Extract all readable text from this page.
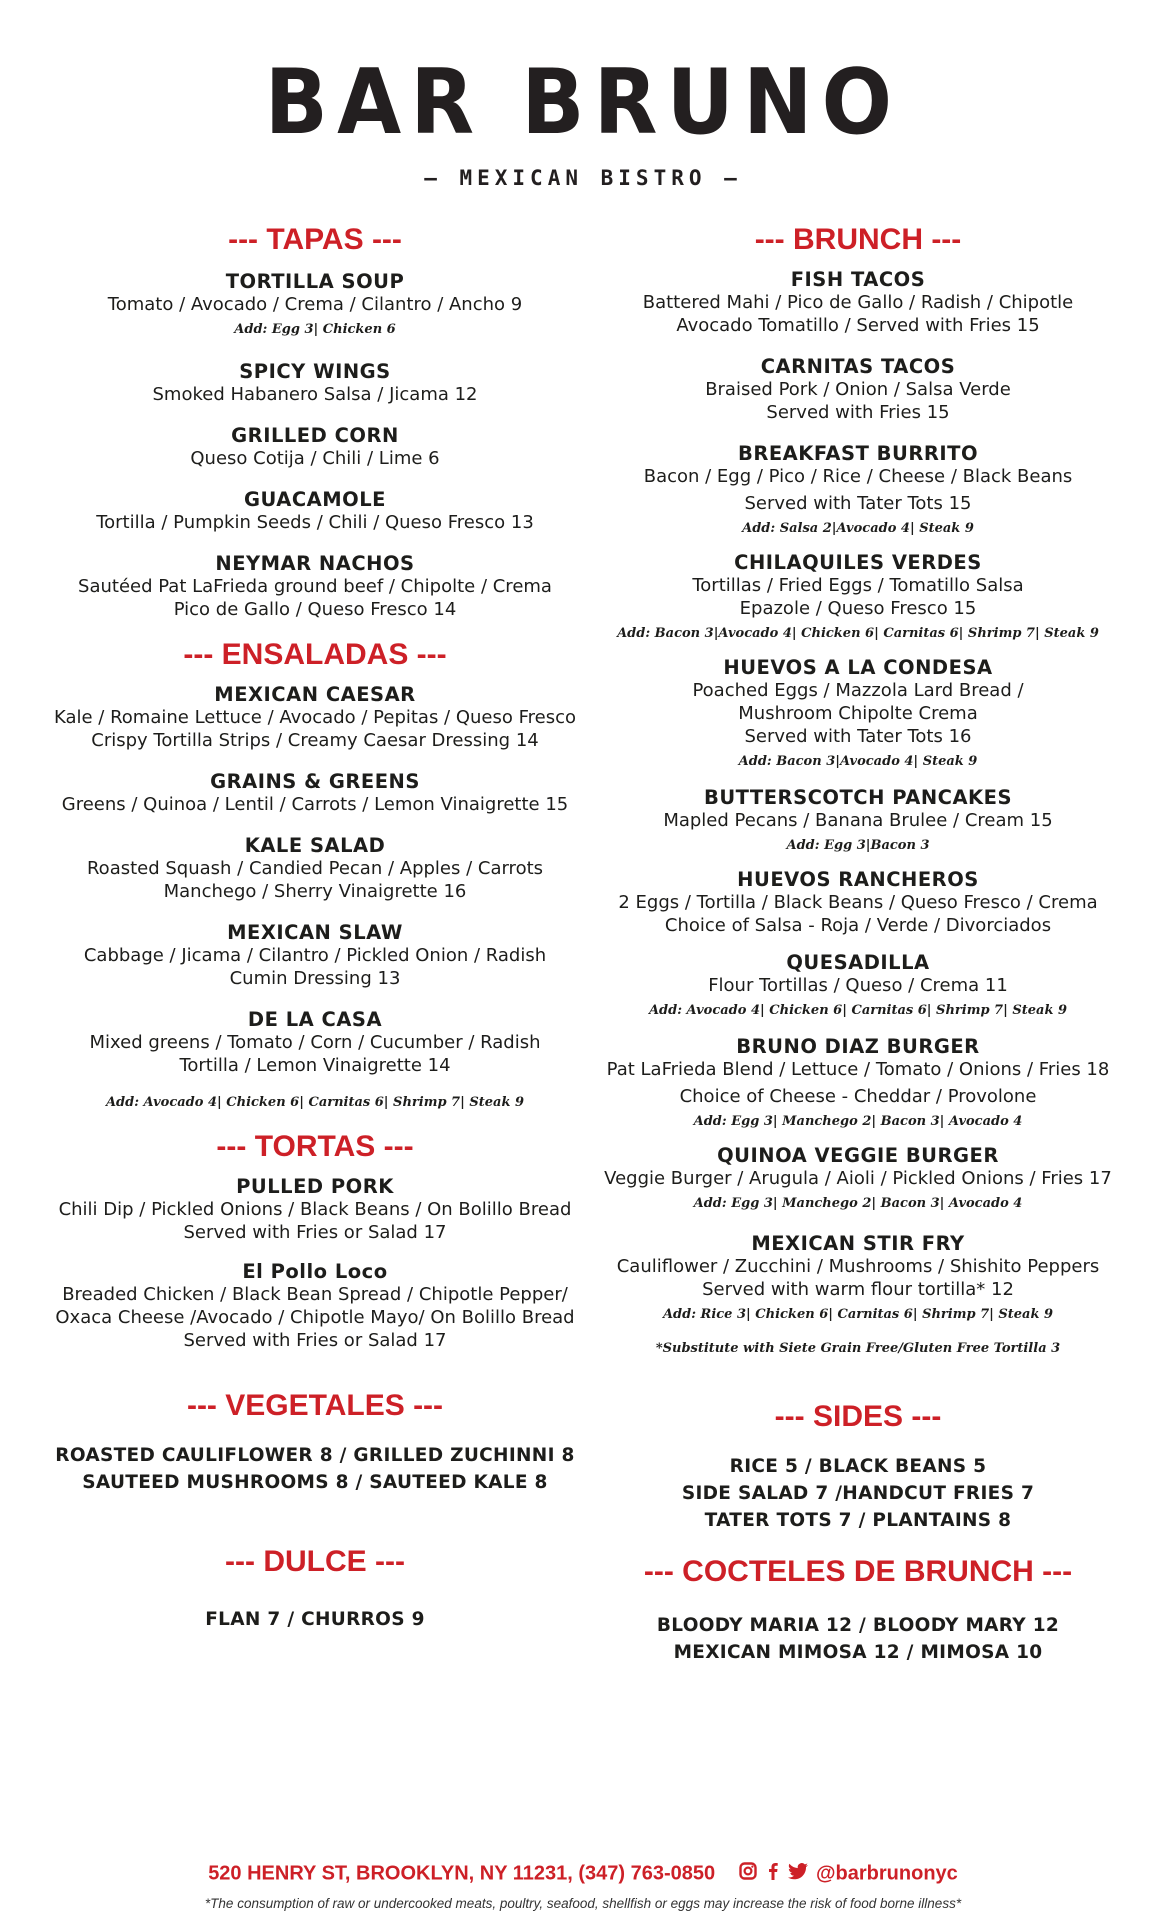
BAR BRUNO
— MEXICAN BISTRO —
--- TAPAS ---
TORTILLA SOUP
Tomato / Avocado / Crema / Cilantro / Ancho 9
Add: Egg 3| Chicken 6
SPICY WINGS
Smoked Habanero Salsa / Jicama 12
GRILLED CORN
Queso Cotija / Chili / Lime 6
GUACAMOLE
Tortilla / Pumpkin Seeds / Chili / Queso Fresco 13
NEYMAR NACHOS
Sautéed Pat LaFrieda ground beef / Chipolte / Crema
Pico de Gallo / Queso Fresco 14
--- ENSALADAS ---
MEXICAN CAESAR
Kale / Romaine Lettuce / Avocado / Pepitas / Queso Fresco
Crispy Tortilla Strips / Creamy Caesar Dressing 14
GRAINS & GREENS
Greens / Quinoa / Lentil / Carrots / Lemon Vinaigrette 15
KALE SALAD
Roasted Squash / Candied Pecan / Apples / Carrots
Manchego / Sherry Vinaigrette 16
MEXICAN SLAW
Cabbage / Jicama / Cilantro / Pickled Onion / Radish
Cumin Dressing 13
DE LA CASA
Mixed greens / Tomato / Corn / Cucumber / Radish
Tortilla / Lemon Vinaigrette 14
Add: Avocado 4| Chicken 6| Carnitas 6| Shrimp 7| Steak 9
--- TORTAS ---
PULLED PORK
Chili Dip / Pickled Onions / Black Beans / On Bolillo Bread
Served with Fries or Salad 17
El Pollo Loco
Breaded Chicken / Black Bean Spread / Chipotle Pepper/
Oxaca Cheese /Avocado / Chipotle Mayo/ On Bolillo Bread
Served with Fries or Salad 17
--- VEGETALES ---
ROASTED CAULIFLOWER 8 / GRILLED ZUCHINNI 8
SAUTEED MUSHROOMS 8 / SAUTEED KALE 8
--- DULCE ---
FLAN 7 / CHURROS 9
--- BRUNCH ---
FISH TACOS
Battered Mahi / Pico de Gallo / Radish / Chipotle
Avocado Tomatillo / Served with Fries 15
CARNITAS TACOS
Braised Pork / Onion / Salsa Verde
Served with Fries 15
BREAKFAST BURRITO
Bacon / Egg / Pico / Rice / Cheese / Black Beans
Served with Tater Tots 15
Add: Salsa 2|Avocado 4| Steak 9
CHILAQUILES VERDES
Tortillas / Fried Eggs / Tomatillo Salsa
Epazole / Queso Fresco 15
Add: Bacon 3|Avocado 4| Chicken 6| Carnitas 6| Shrimp 7| Steak 9
HUEVOS A LA CONDESA
Poached Eggs / Mazzola Lard Bread /
Mushroom Chipolte Crema
Served with Tater Tots 16
Add: Bacon 3|Avocado 4| Steak 9
BUTTERSCOTCH PANCAKES
Mapled Pecans / Banana Brulee / Cream 15
Add: Egg 3|Bacon 3
HUEVOS RANCHEROS
2 Eggs / Tortilla / Black Beans / Queso Fresco / Crema
Choice of Salsa - Roja / Verde / Divorciados
QUESADILLA
Flour Tortillas / Queso / Crema 11
Add: Avocado 4| Chicken 6| Carnitas 6| Shrimp 7| Steak 9
BRUNO DIAZ BURGER
Pat LaFrieda Blend / Lettuce / Tomato / Onions / Fries 18
Choice of Cheese - Cheddar / Provolone
Add: Egg 3| Manchego 2| Bacon 3| Avocado 4
QUINOA VEGGIE BURGER
Veggie Burger / Arugula / Aioli / Pickled Onions / Fries 17
Add: Egg 3| Manchego 2| Bacon 3| Avocado 4
MEXICAN STIR FRY
Cauliflower / Zucchini / Mushrooms / Shishito Peppers
Served with warm flour tortilla* 12
Add: Rice 3| Chicken 6| Carnitas 6| Shrimp 7| Steak 9
*Substitute with Siete Grain Free/Gluten Free Tortilla 3
--- SIDES ---
RICE 5 / BLACK BEANS 5
SIDE SALAD 7 /HANDCUT FRIES 7
TATER TOTS 7 / PLANTAINS 8
--- COCTELES DE BRUNCH ---
BLOODY MARIA 12 / BLOODY MARY 12
MEXICAN MIMOSA 12 / MIMOSA 10
520 HENRY ST, BROOKLYN, NY 11231, (347) 763-0850	@barbrunonyc
*The consumption of raw or undercooked meats, poultry, seafood, shellfish or eggs may increase the risk of food borne illness*
